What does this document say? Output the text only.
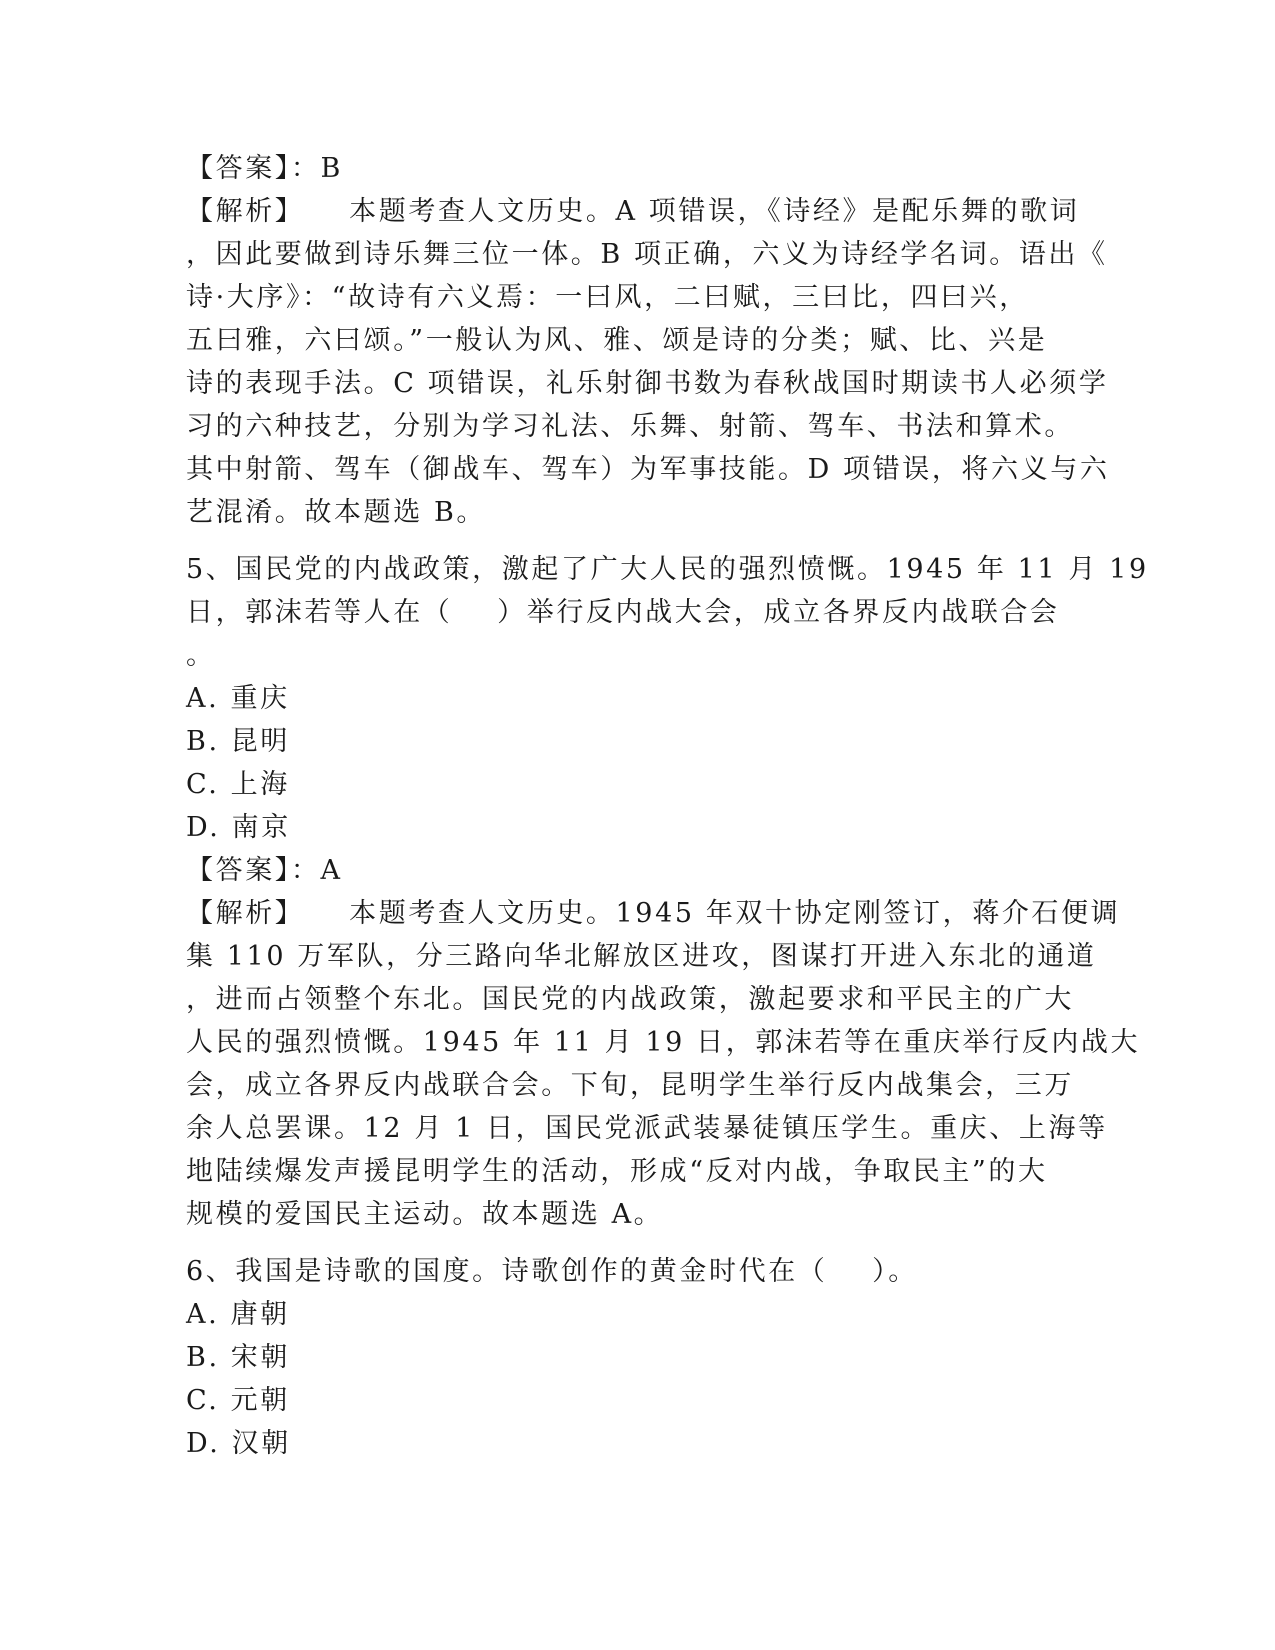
【答案】：B
【解析】    本题考查人文历史。A 项错误，《诗经》是配乐舞的歌词
，因此要做到诗乐舞三位一体。B 项正确，六义为诗经学名词。语出《
诗·大序》：“故诗有六义焉：一曰风，二曰赋，三曰比，四曰兴，
五曰雅，六曰颂。”一般认为风、雅、颂是诗的分类；赋、比、兴是
诗的表现手法。C 项错误，礼乐射御书数为春秋战国时期读书人必须学
习的六种技艺，分别为学习礼法、乐舞、射箭、驾车、书法和算术。
其中射箭、驾车（御战车、驾车）为军事技能。D 项错误，将六义与六
艺混淆。故本题选 B。
5、国民党的内战政策，激起了广大人民的强烈愤慨。1945 年 11 月 19
日，郭沫若等人在（    ）举行反内战大会，成立各界反内战联合会
。
A. 重庆
B. 昆明
C. 上海
D. 南京
【答案】：A
【解析】    本题考查人文历史。1945 年双十协定刚签订，蒋介石便调
集 110 万军队，分三路向华北解放区进攻，图谋打开进入东北的通道
，进而占领整个东北。国民党的内战政策，激起要求和平民主的广大
人民的强烈愤慨。1945 年 11 月 19 日，郭沫若等在重庆举行反内战大
会，成立各界反内战联合会。下旬，昆明学生举行反内战集会，三万
余人总罢课。12 月 1 日，国民党派武装暴徒镇压学生。重庆、上海等
地陆续爆发声援昆明学生的活动，形成“反对内战，争取民主”的大
规模的爱国民主运动。故本题选 A。
6、我国是诗歌的国度。诗歌创作的黄金时代在（    ）。
A. 唐朝
B. 宋朝
C. 元朝
D. 汉朝
